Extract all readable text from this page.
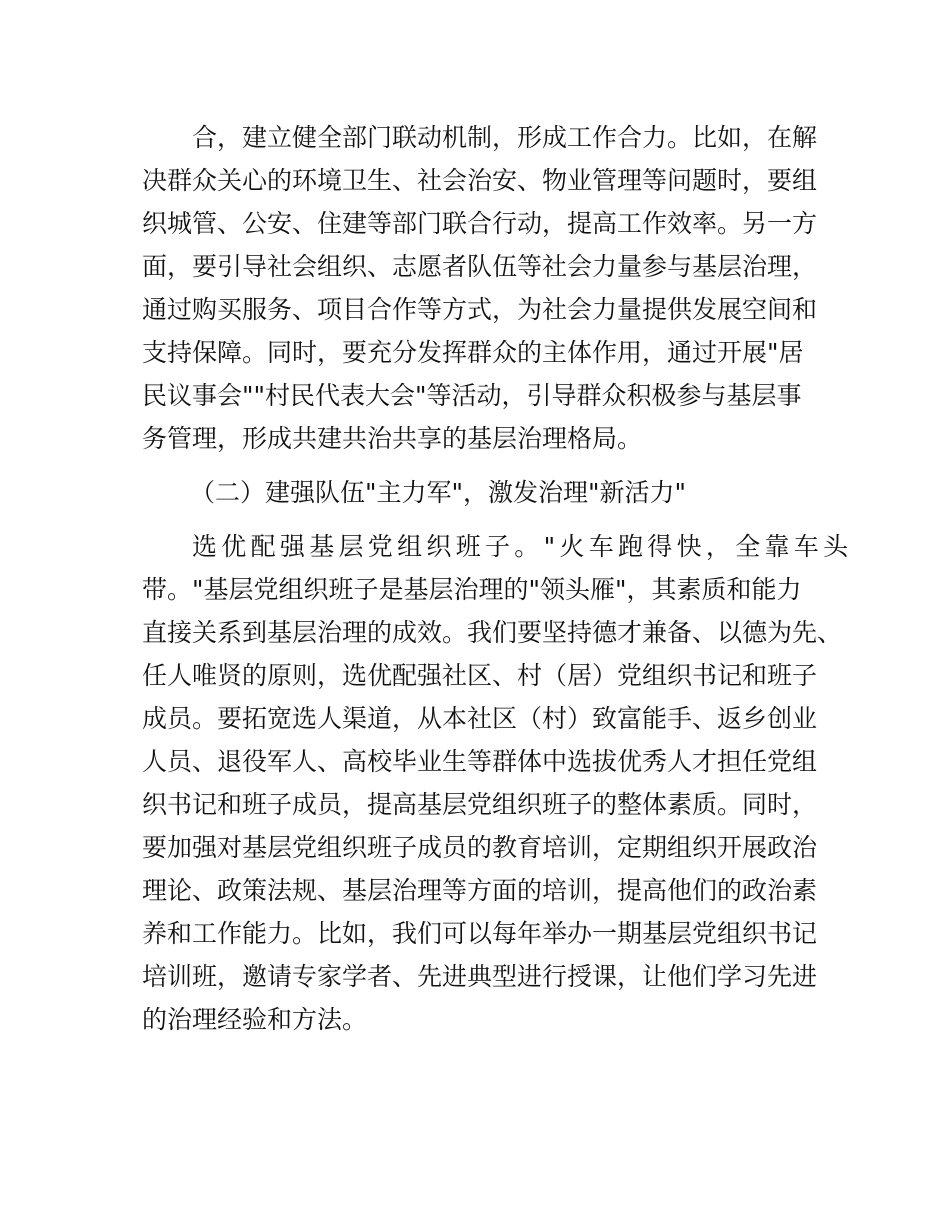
合，建立健全部门联动机制，形成工作合力。比如，在解
决群众关心的环境卫生、社会治安、物业管理等问题时，要组
织城管、公安、住建等部门联合行动，提高工作效率。另一方
面，要引导社会组织、志愿者队伍等社会力量参与基层治理，
通过购买服务、项目合作等方式，为社会力量提供发展空间和
支持保障。同时，要充分发挥群众的主体作用，通过开展"居
民议事会""村民代表大会"等活动，引导群众积极参与基层事
务管理，形成共建共治共享的基层治理格局。
（二）建强队伍"主力军"，激发治理"新活力"
选优配强基层党组织班子。"火车跑得快，全靠车头
带。"基层党组织班子是基层治理的"领头雁"，其素质和能力
直接关系到基层治理的成效。我们要坚持德才兼备、以德为先、
任人唯贤的原则，选优配强社区、村（居）党组织书记和班子
成员。要拓宽选人渠道，从本社区（村）致富能手、返乡创业
人员、退役军人、高校毕业生等群体中选拔优秀人才担任党组
织书记和班子成员，提高基层党组织班子的整体素质。同时，
要加强对基层党组织班子成员的教育培训，定期组织开展政治
理论、政策法规、基层治理等方面的培训，提高他们的政治素
养和工作能力。比如，我们可以每年举办一期基层党组织书记
培训班，邀请专家学者、先进典型进行授课，让他们学习先进
的治理经验和方法。
